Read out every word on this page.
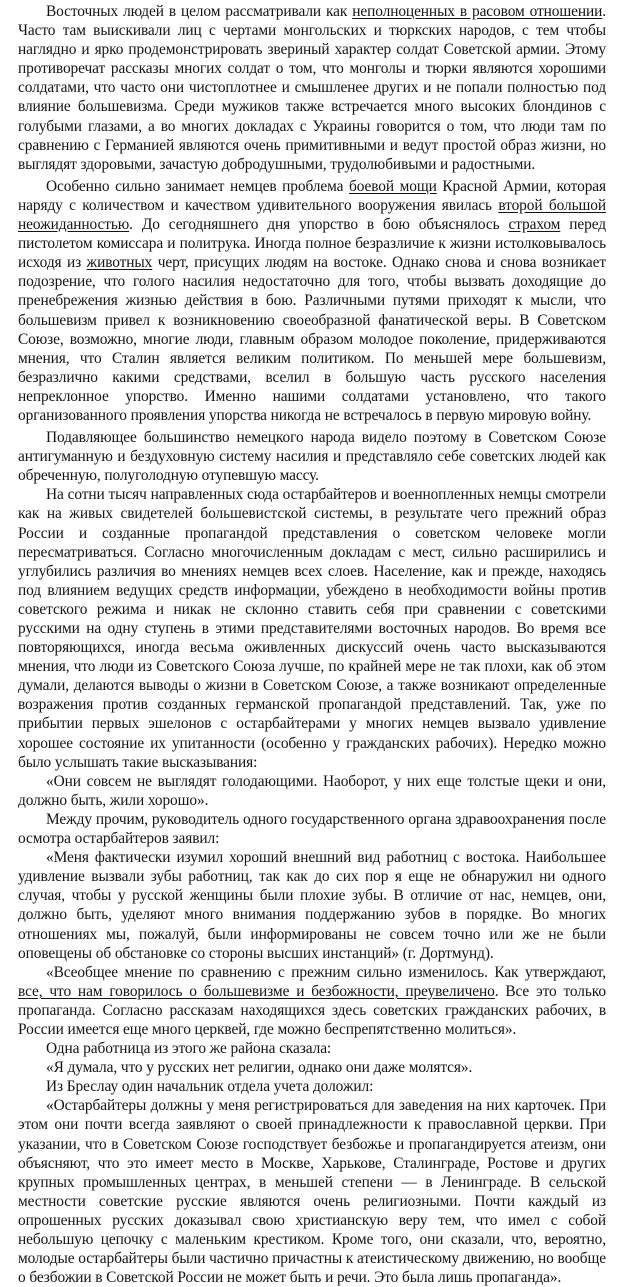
Восточных людей в целом рассматривали как неполноценных в расовом отношении. Часто там выискивали лиц с чертами монгольских и тюркских народов, с тем чтобы наглядно и ярко продемонстрировать звериный характер солдат Советской армии. Этому противоречат рассказы многих солдат о том, что монголы и тюрки являются хорошими солдатами, что часто они чистоплотнее и смышленее других и не попали полностью под влияние большевизма. Среди мужиков также встречается много высоких блондинов с голубыми глазами, а во многих докладах с Украины говорится о том, что люди там по сравнению с Германией являются очень примитивными и ведут простой образ жизни, но выглядят здоровыми, зачастую добродушными, трудолюбивыми и радостными.

Особенно сильно занимает немцев проблема боевой мощи Красной Армии, которая наряду с количеством и качеством удивительного вооружения явилась второй большой неожиданностью. До сегодняшнего дня упорство в бою объяснялось страхом перед пистолетом комиссара и политрука. Иногда полное безразличие к жизни истолковывалось исходя из животных черт, присущих людям на востоке. Однако снова и снова возникает подозрение, что голого насилия недостаточно для того, чтобы вызвать доходящие до пренебрежения жизнью действия в бою. Различными путями приходят к мысли, что большевизм привел к возникновению своеобразной фанатической веры. В Советском Союзе, возможно, многие люди, главным образом молодое поколение, придерживаются мнения, что Сталин является великим политиком. По меньшей мере большевизм, безразлично какими средствами, вселил в большую часть русского населения непреклонное упорство. Именно нашими солдатами установлено, что такого организованного проявления упорства никогда не встречалось в первую мировую войну.

Подавляющее большинство немецкого народа видело поэтому в Советском Союзе антигуманную и бездуховную систему насилия и представляло себе советских людей как обреченную, полуголодную отупевшую массу.

На сотни тысяч направленных сюда остарбайтеров и военнопленных немцы смотрели как на живых свидетелей большевистской системы, в результате чего прежний образ России и созданные пропагандой представления о советском человеке могли пересматриваться. Согласно многочисленным докладам с мест, сильно расширились и углубились различия во мнениях немцев всех слоев. Население, как и прежде, находясь под влиянием ведущих средств информации, убеждено в необходимости войны против советского режима и никак не склонно ставить себя при сравнении с советскими русскими на одну ступень в этими представителями восточных народов. Во время все повторяющихся, иногда весьма оживленных дискуссий очень часто высказываются мнения, что люди из Советского Союза лучше, по крайней мере не так плохи, как об этом думали, делаются выводы о жизни в Советском Союзе, а также возникают определенные возражения против созданных германской пропагандой представлений. Так, уже по прибытии первых эшелонов с остарбайтерами у многих немцев вызвало удивление хорошее состояние их упитанности (особенно у гражданских рабочих). Нередко можно было услышать такие высказывания:

«Они совсем не выглядят голодающими. Наоборот, у них еще толстые щеки и они, должно быть, жили хорошо».

Между прочим, руководитель одного государственного органа здравоохранения после осмотра остарбайтеров заявил:

«Меня фактически изумил хороший внешний вид работниц с востока. Наибольшее удивление вызвали зубы работниц, так как до сих пор я еще не обнаружил ни одного случая, чтобы у русской женщины были плохие зубы. В отличие от нас, немцев, они, должно быть, уделяют много внимания поддержанию зубов в порядке. Во многих отношениях мы, пожалуй, были информированы не совсем точно или же не были оповещены об обстановке со стороны высших инстанций» (г. Дортмунд).

«Всеобщее мнение по сравнению с прежним сильно изменилось. Как утверждают, все, что нам говорилось о большевизме и безбожности, преувеличено. Все это только пропаганда. Согласно рассказам находящихся здесь советских гражданских рабочих, в России имеется еще много церквей, где можно беспрепятственно молиться».

Одна работница из этого же района сказала:

«Я думала, что у русских нет религии, однако они даже молятся».

Из Бреслау один начальник отдела учета доложил:

«Остарбайтеры должны у меня регистрироваться для заведения на них карточек. При этом они почти всегда заявляют о своей принадлежности к православной церкви. При указании, что в Советском Союзе господствует безбожье и пропагандируется атеизм, они объясняют, что это имеет место в Москве, Харькове, Сталинграде, Ростове и других крупных промышленных центрах, в меньшей степени — в Ленинграде. В сельской местности советские русские являются очень религиозными. Почти каждый из опрошенных русских доказывал свою христианскую веру тем, что имел с собой небольшую цепочку с маленьким крестиком. Кроме того, они сказали, что, вероятно, молодые остарбайтеры были частично причастны к атеистическому движению, но вообще о безбожии в Советской России не может быть и речи. Это была лишь пропаганда».
